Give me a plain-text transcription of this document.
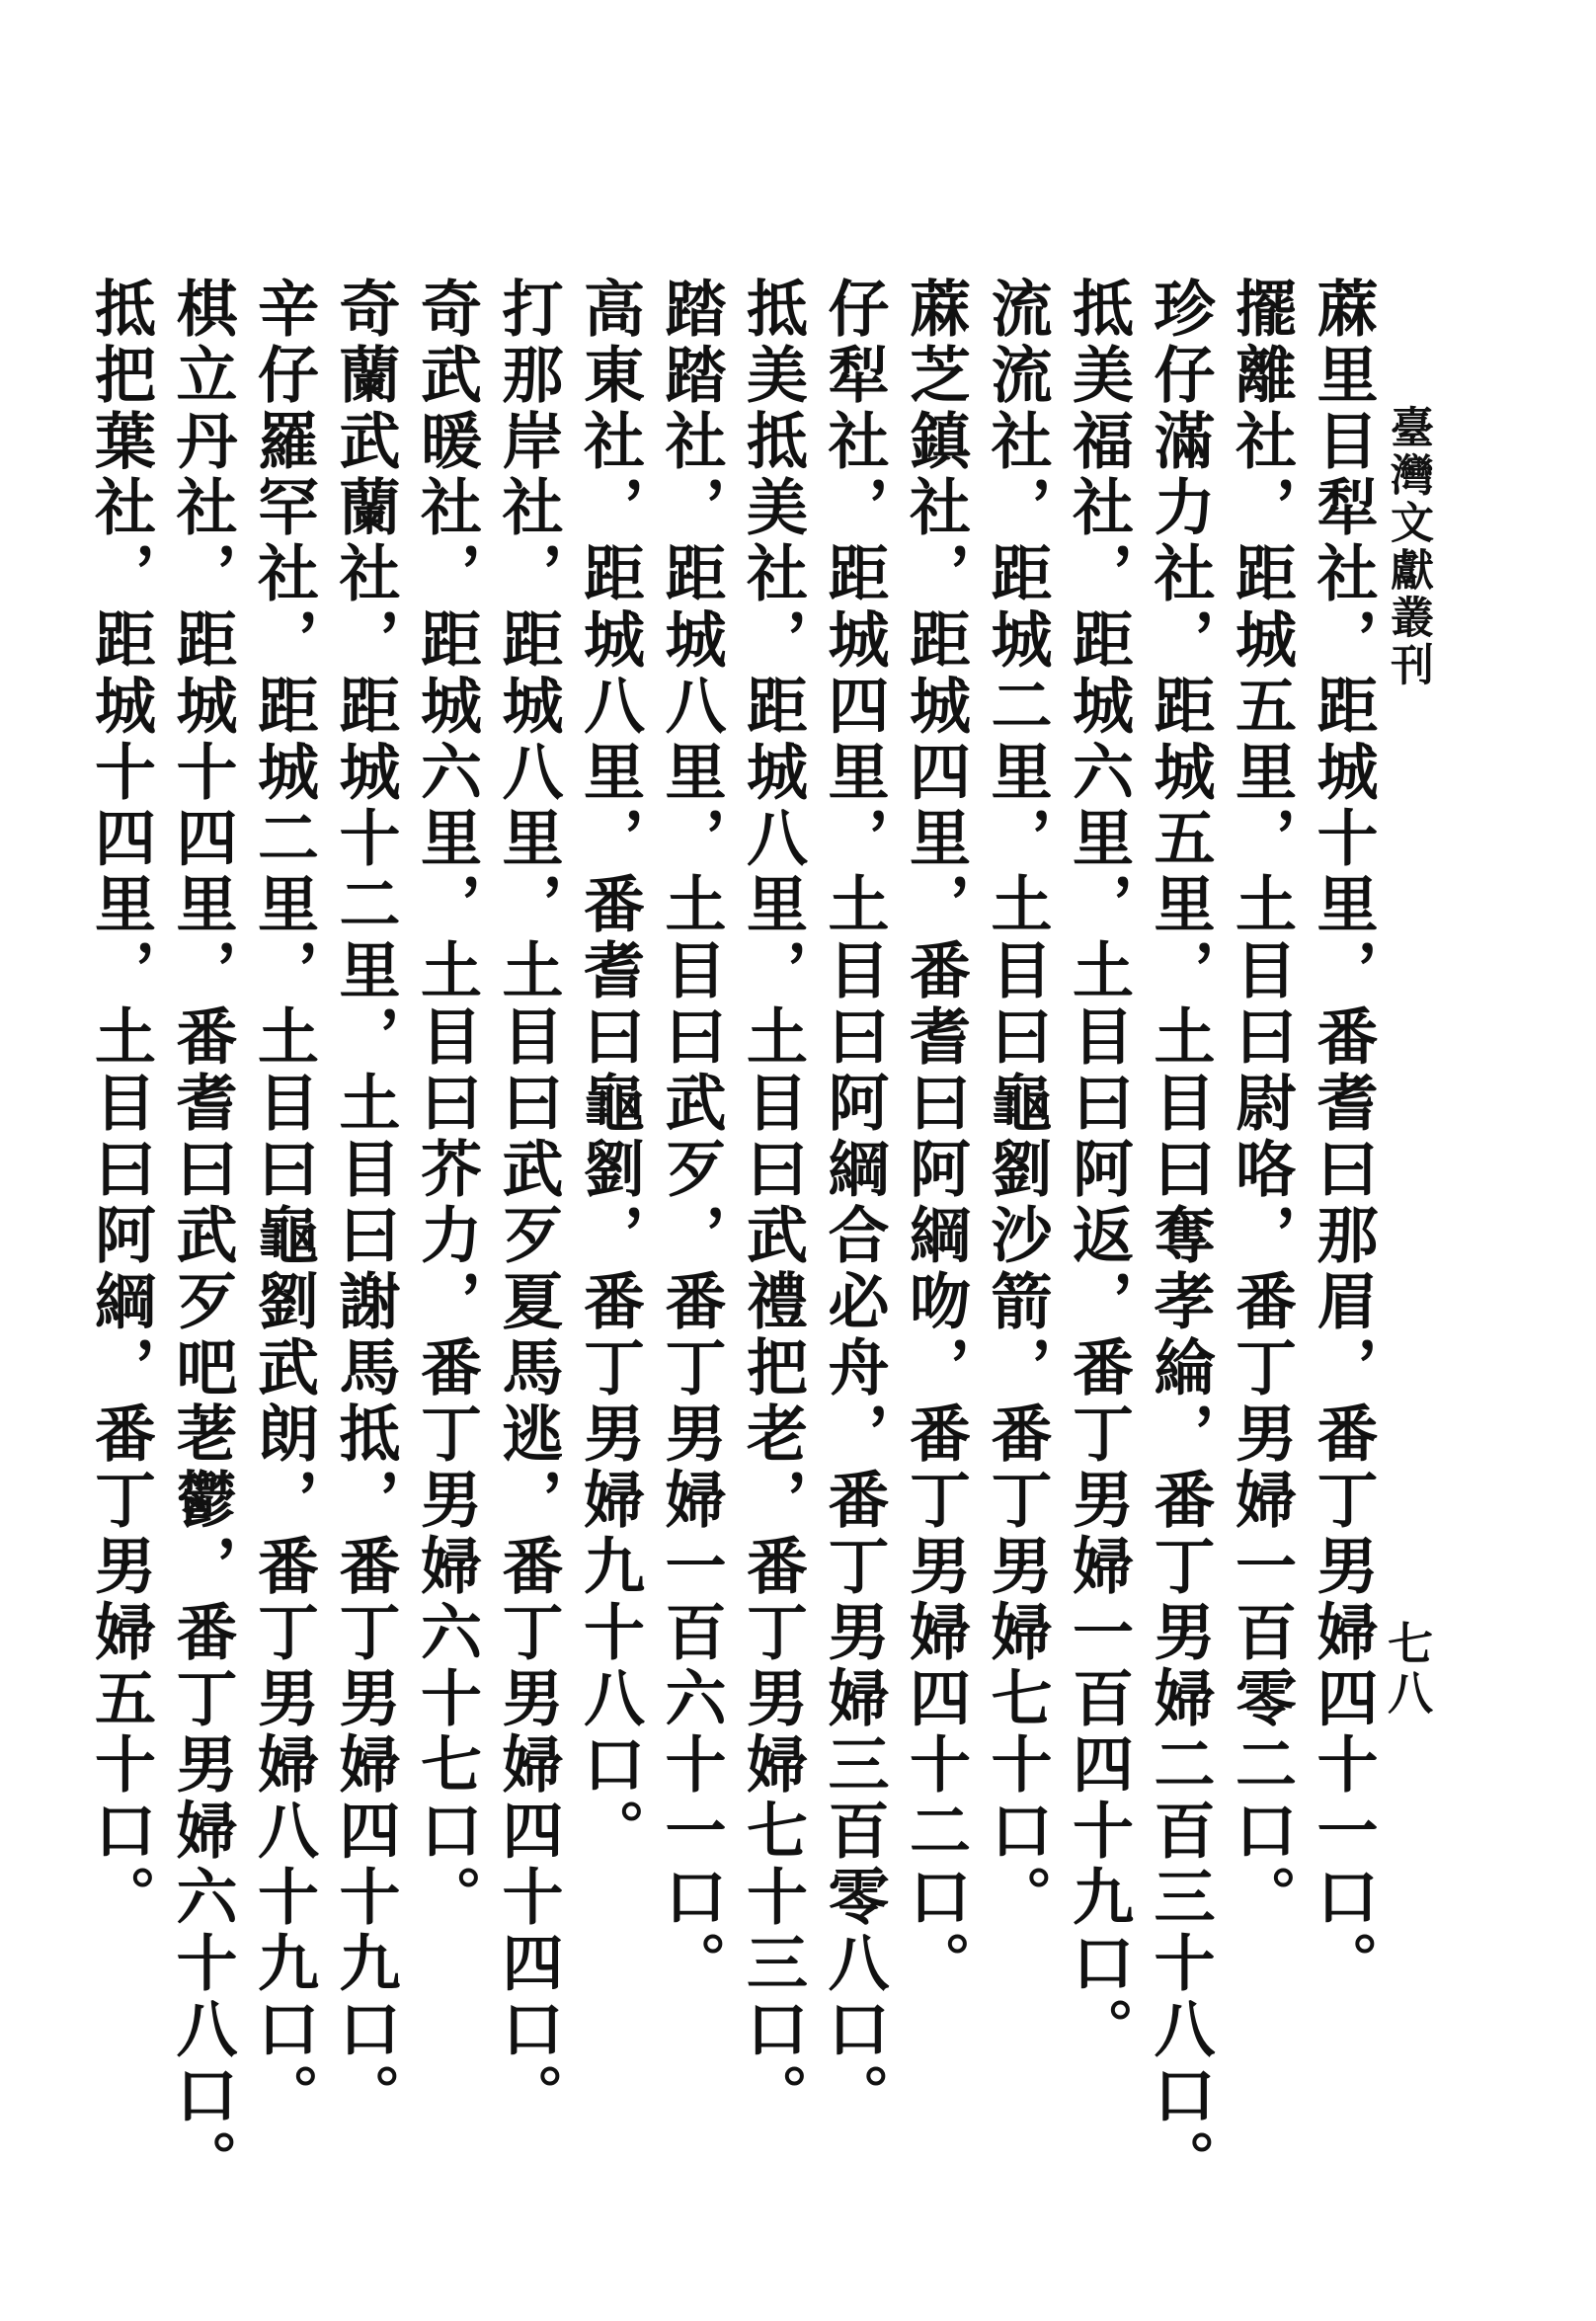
臺灣文獻叢刊
七八

蔴里目犁社，距城十里，番耆曰那眉，番丁男婦四十一口。

擺離社，距城五里，土目曰尉咯，番丁男婦一百零二口。

珍仔滿力社，距城五里，土目曰奪孝綸，番丁男婦二百三十八口。

抵美福社，距城六里，土目曰阿返，番丁男婦一百四十九口。

流流社，距城二里，土目曰龜劉沙箭，番丁男婦七十口。

蔴芝鎮社，距城四里，番耆曰阿綱吻，番丁男婦四十二口。

仔犁社，距城四里，土目曰阿綱合必舟，番丁男婦三百零八口。

抵美抵美社，距城八里，土目曰武禮把老，番丁男婦七十三口。

踏踏社，距城八里，土目曰武歹，番丁男婦一百六十一口。

高東社，距城八里，番耆曰龜劉，番丁男婦九十八口。

打那岸社，距城八里，土目曰武歹夏馬逃，番丁男婦四十四口。

奇武暖社，距城六里，土目曰芥力，番丁男婦六十七口。

奇蘭武蘭社，距城十二里，土目曰謝馬抵，番丁男婦四十九口。

辛仔羅罕社，距城二里，土目曰龜劉武朗，番丁男婦八十九口。

棋立丹社，距城十四里，番耆曰武歹吧荖鬱，番丁男婦六十八口。

抵把葉社，距城十四里，土目曰阿綱，番丁男婦五十口。
